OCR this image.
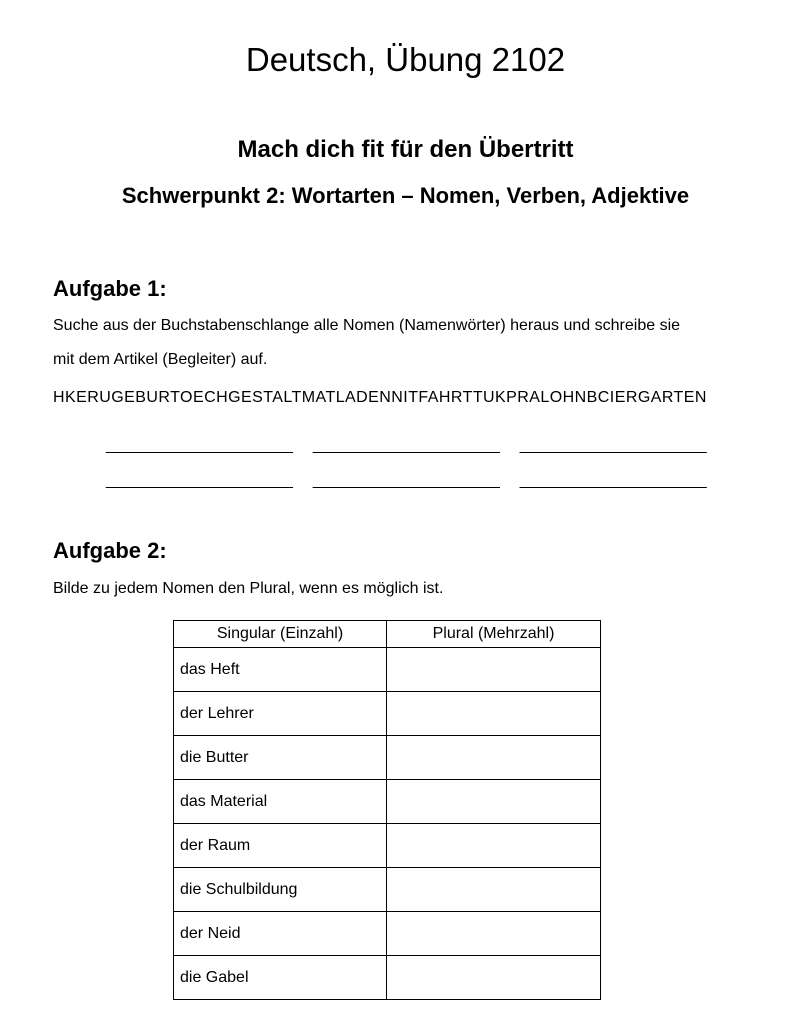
Deutsch, Übung 2102
Mach dich fit für den Übertritt
Schwerpunkt 2: Wortarten – Nomen, Verben, Adjektive
Aufgabe 1:
Suche aus der Buchstabenschlange alle Nomen (Namenwörter) heraus und schreibe sie
mit dem Artikel (Begleiter) auf.
HKERUGEBURTOECHGESTALTMATLADENNITFAHRTTUKPRALOHNBCIERGARTEN
_____________________ _____________________ _____________________
_____________________ _____________________ _____________________
Aufgabe 2:
Bilde zu jedem Nomen den Plural, wenn es möglich ist.
Singular (Einzahl)	Plural (Mehrzahl)
das Heft	
der Lehrer	
die Butter	
das Material	
der Raum	
die Schulbildung	
der Neid	
die Gabel	
